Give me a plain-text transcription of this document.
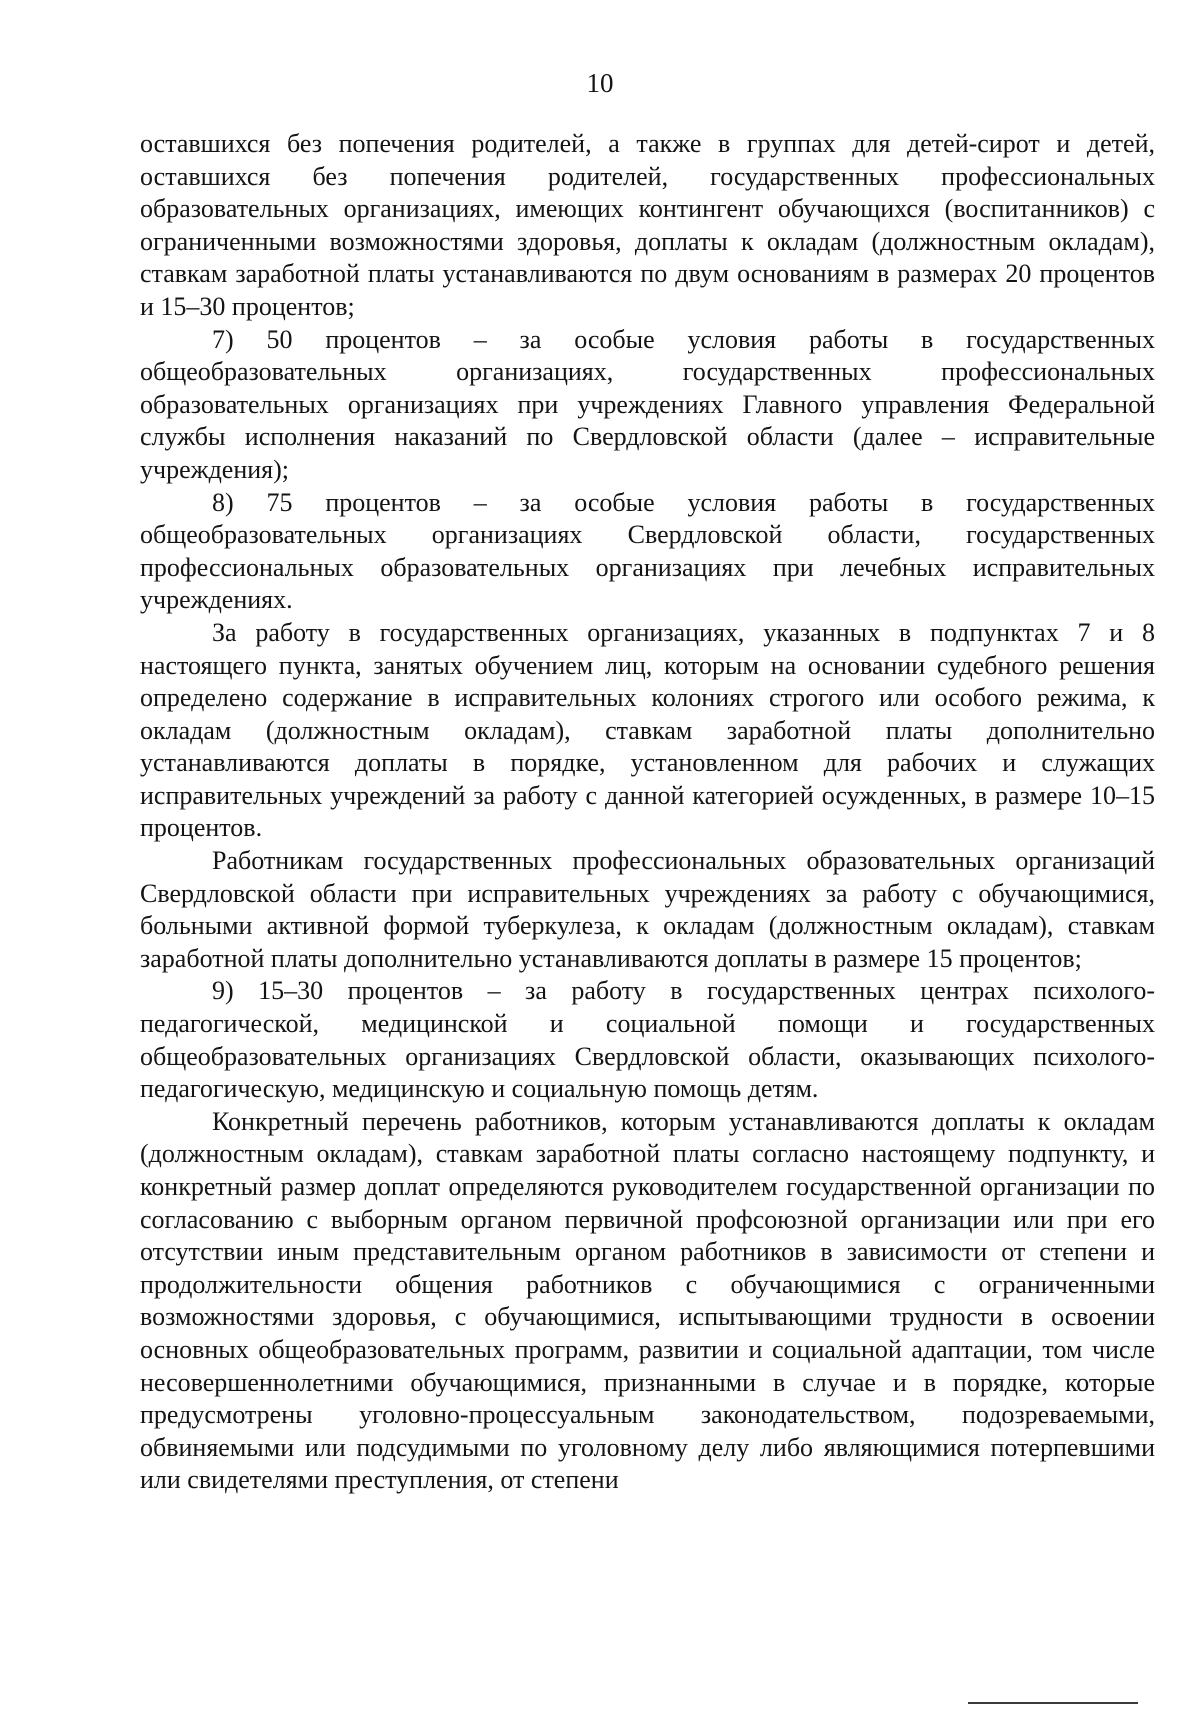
10

оставшихся без попечения родителей, а также в группах для детей-сирот и детей, оставшихся без попечения родителей, государственных профессиональных образовательных организациях, имеющих контингент обучающихся (воспитанников) с ограниченными возможностями здоровья, доплаты к окладам (должностным окладам), ставкам заработной платы устанавливаются по двум основаниям в размерах 20 процентов и 15–30 процентов;

7) 50 процентов – за особые условия работы в государственных общеобразовательных организациях, государственных профессиональных образовательных организациях при учреждениях Главного управления Федеральной службы исполнения наказаний по Свердловской области (далее – исправительные учреждения);

8) 75 процентов – за особые условия работы в государственных общеобразовательных организациях Свердловской области, государственных профессиональных образовательных организациях при лечебных исправительных учреждениях.

За работу в государственных организациях, указанных в подпунктах 7 и 8 настоящего пункта, занятых обучением лиц, которым на основании судебного решения определено содержание в исправительных колониях строгого или особого режима, к окладам (должностным окладам), ставкам заработной платы дополнительно устанавливаются доплаты в порядке, установленном для рабочих и служащих исправительных учреждений за работу с данной категорией осужденных, в размере 10–15 процентов.

Работникам государственных профессиональных образовательных организаций Свердловской области при исправительных учреждениях за работу с обучающимися, больными активной формой туберкулеза, к окладам (должностным окладам), ставкам заработной платы дополнительно устанавливаются доплаты в размере 15 процентов;

9) 15–30 процентов – за работу в государственных центрах психолого-педагогической, медицинской и социальной помощи и государственных общеобразовательных организациях Свердловской области, оказывающих психолого-педагогическую, медицинскую и социальную помощь детям.

Конкретный перечень работников, которым устанавливаются доплаты к окладам (должностным окладам), ставкам заработной платы согласно настоящему подпункту, и конкретный размер доплат определяются руководителем государственной организации по согласованию с выборным органом первичной профсоюзной организации или при его отсутствии иным представительным органом работников в зависимости от степени и продолжительности общения работников с обучающимися с ограниченными возможностями здоровья, с обучающимися, испытывающими трудности в освоении основных общеобразовательных программ, развитии и социальной адаптации, том числе несовершеннолетними обучающимися, признанными в случае и в порядке, которые предусмотрены уголовно-процессуальным законодательством, подозреваемыми, обвиняемыми или подсудимыми по уголовному делу либо являющимися потерпевшими или свидетелями преступления, от степени
